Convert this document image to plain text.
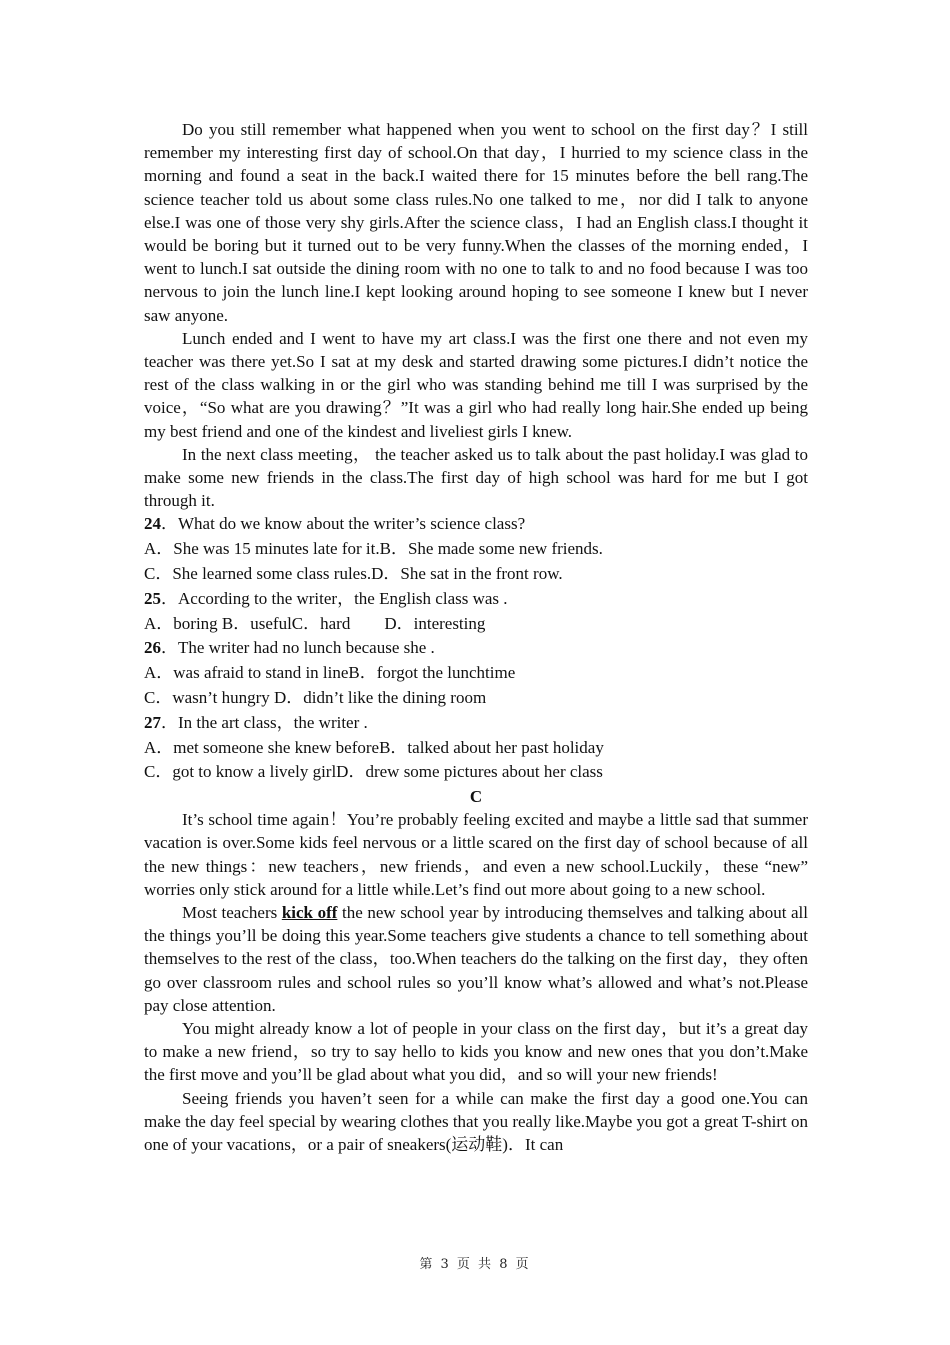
Do you still remember what happened when you went to school on the first day？I still remember my interesting first day of school.On that day，I hurried to my science class in the morning and found a seat in the back.I waited there for 15 minutes before the bell rang.The science teacher told us about some class rules.No one talked to me，nor did I talk to anyone else.I was one of those very shy girls.After the science class，I had an English class.I thought it would be boring but it turned out to be very funny.When the classes of the morning ended，I went to lunch.I sat outside the dining room with no one to talk to and no food because I was too nervous to join the lunch line.I kept looking around hoping to see someone I knew but I never saw anyone.

Lunch ended and I went to have my art class.I was the first one there and not even my teacher was there yet.So I sat at my desk and started drawing some pictures.I didn’t notice the rest of the class walking in or the girl who was standing behind me till I was surprised by the voice，“So what are you drawing？”It was a girl who had really long hair.She ended up being my best friend and one of the kindest and liveliest girls I knew.

In the next class meeting， the teacher asked us to talk about the past holiday.I was glad to make some new friends in the class.The first day of high school was hard for me but I got through it.

24．What do we know about the writer’s science class?

A．She was 15 minutes late for it.B．She made some new friends.

C．She learned some class rules.D．She sat in the front row.

25．According to the writer，the English class was .

A．boring B．usefulC．hard　　D．interesting

26．The writer had no lunch because she .

A．was afraid to stand in lineB．forgot the lunchtime

C．wasn’t hungry D．didn’t like the dining room

27．In the art class，the writer .

A．met someone she knew beforeB．talked about her past holiday

C．got to know a lively girlD．drew some pictures about her class

C

It’s school time again！You’re probably feeling excited and maybe a little sad that summer vacation is over.Some kids feel nervous or a little scared on the first day of school because of all the new things：new teachers，new friends，and even a new school.Luckily，these “new” worries only stick around for a little while.Let’s find out more about going to a new school.

Most teachers kick off the new school year by introducing themselves and talking about all the things you’ll be doing this year.Some teachers give students a chance to tell something about themselves to the rest of the class，too.When teachers do the talking on the first day，they often go over classroom rules and school rules so you’ll know what’s allowed and what’s not.Please pay close attention.

You might already know a lot of people in your class on the first day，but it’s a great day to make a new friend，so try to say hello to kids you know and new ones that you don’t.Make the first move and you’ll be glad about what you did，and so will your new friends!

Seeing friends you haven’t seen for a while can make the first day a good one.You can make the day feel special by wearing clothes that you really like.Maybe you got a great T-shirt on one of your vacations，or a pair of sneakers(运动鞋)．It can

第 3 页 共 8 页
